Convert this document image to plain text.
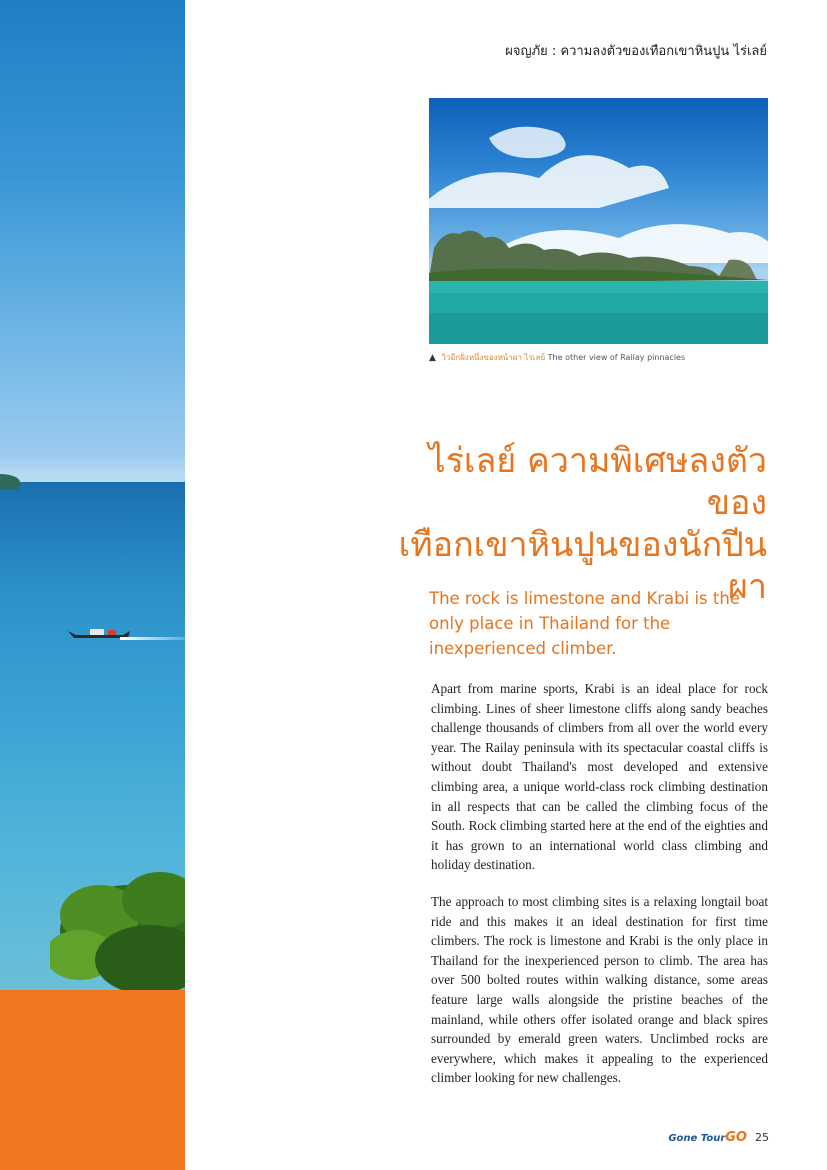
ผจญภัย : ความลงตัวของเทือกเขาหินปูน ไร่เลย์
▲ วิวอีกฝั่งหนึ่งของหน้าผา ไร่เลย์ The other view of Railay pinnacles
ไร่เลย์ ความพิเศษลงตัวของ
เทือกเขาหินปูนของนักปีนผา
The rock is limestone and Krabi is the only place in Thailand for the inexperienced climber.
Apart from marine sports, Krabi is an ideal place for rock climbing. Lines of sheer limestone cliffs along sandy beaches challenge thousands of climbers from all over the world every year. The Railay peninsula with its spectacular coastal cliffs is without doubt Thailand's most developed and extensive climbing area, a unique world-class rock climbing destination in all respects that can be called the climbing focus of the South. Rock climbing started here at the end of the eighties and it has grown to an international world class climbing and holiday destination.
The approach to most climbing sites is a relaxing longtail boat ride and this makes it an ideal destination for first time climbers. The rock is limestone and Krabi is the only place in Thailand for the inexperienced person to climb. The area has over 500 bolted routes within walking distance, some areas feature large walls alongside the pristine beaches of the mainland, while others offer isolated orange and black spires surrounded by emerald green waters. Unclimbed rocks are everywhere, which makes it appealing to the experienced climber looking for new challenges.
Gone TourGO 25
